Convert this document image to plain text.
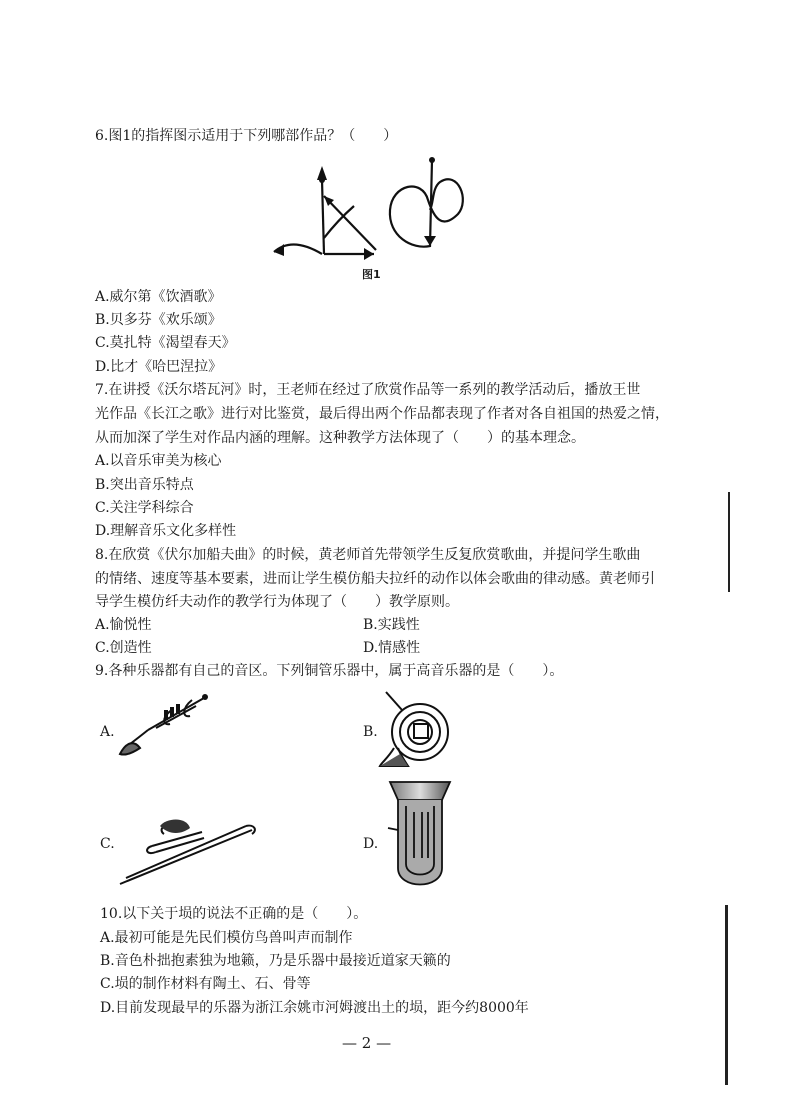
6.图1的指挥图示适用于下列哪部作品？（　　）
图1
A.威尔第《饮酒歌》
B.贝多芬《欢乐颂》
C.莫扎特《渴望春天》
D.比才《哈巴涅拉》
7.在讲授《沃尔塔瓦河》时，王老师在经过了欣赏作品等一系列的教学活动后，播放王世
光作品《长江之歌》进行对比鉴赏，最后得出两个作品都表现了作者对各自祖国的热爱之情，
从而加深了学生对作品内涵的理解。这种教学方法体现了（　　）的基本理念。
A.以音乐审美为核心
B.突出音乐特点
C.关注学科综合
D.理解音乐文化多样性
8.在欣赏《伏尔加船夫曲》的时候，黄老师首先带领学生反复欣赏歌曲，并提问学生歌曲
的情绪、速度等基本要素，进而让学生模仿船夫拉纤的动作以体会歌曲的律动感。黄老师引
导学生模仿纤夫动作的教学行为体现了（　　）教学原则。
A.愉悦性	B.实践性
C.创造性	D.情感性
9.各种乐器都有自己的音区。下列铜管乐器中，属于高音乐器的是（　　）。
A.	B.
C.	D.
10.以下关于埙的说法不正确的是（　　）。
A.最初可能是先民们模仿鸟兽叫声而制作
B.音色朴拙抱素独为地籁，乃是乐器中最接近道家天籁的
C.埙的制作材料有陶土、石、骨等
D.目前发现最早的乐器为浙江余姚市河姆渡出土的埙，距今约8000年
— 2 —
